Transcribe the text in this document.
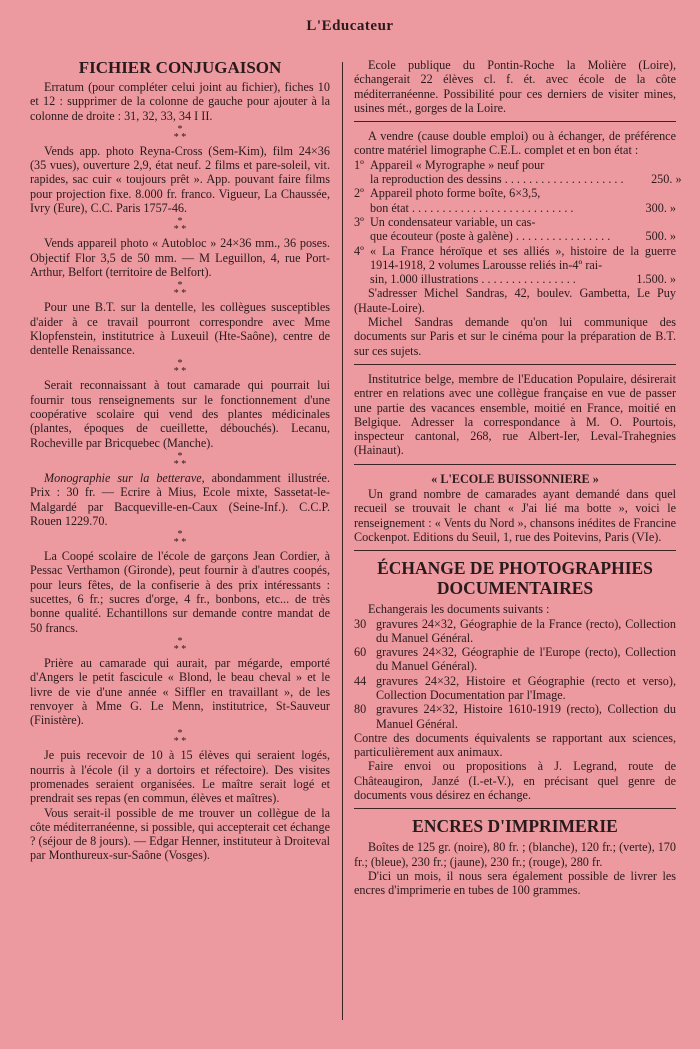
L'Educateur
FICHIER CONJUGAISON

Erratum (pour compléter celui joint au fichier), fiches 10 et 12 : supprimer de la colonne de gauche pour ajouter à la colonne de droite : 31, 32, 33, 34 I II.

*
* *

Vends app. photo Reyna-Cross (Sem-Kim), film 24×36 (35 vues), ouverture 2,9, état neuf. 2 films et pare-soleil, vit. rapides, sac cuir « toujours prêt ». App. pouvant faire films pour projection fixe. 8.000 fr. franco. Vigueur, La Chaussée, Ivry (Eure), C.C. Paris 1757-46.

*
* *

Vends appareil photo « Autobloc » 24×36 mm., 36 poses. Objectif Flor 3,5 de 50 mm. — M Leguillon, 4, rue Port-Arthur, Belfort (territoire de Belfort).

*
* *

Pour une B.T. sur la dentelle, les collègues susceptibles d'aider à ce travail pourront correspondre avec Mme Klopfenstein, institutrice à Luxeuil (Hte-Saône), centre de dentelle Renaissance.

*
* *

Serait reconnaissant à tout camarade qui pourrait lui fournir tous renseignements sur le fonctionnement d'une coopérative scolaire qui vend des plantes médicinales (plantes, époques de cueillette, débouchés). Lecanu, Rocheville par Bricquebec (Manche).

*
* *

Monographie sur la betterave, abondamment illustrée. Prix : 30 fr. — Ecrire à Mius, Ecole mixte, Sassetat-le-Malgardé par Bacqueville-en-Caux (Seine-Inf.). C.C.P. Rouen 1229.70.

*
* *

La Coopé scolaire de l'école de garçons Jean Cordier, à Pessac Verthamon (Gironde), peut fournir à d'autres coopés, pour leurs fêtes, de la confiserie à des prix intéressants : sucettes, 6 fr.; sucres d'orge, 4 fr., bonbons, etc... de très bonne qualité. Echantillons sur demande contre mandat de 50 francs.

*
* *

Prière au camarade qui aurait, par mégarde, emporté d'Angers le petit fascicule « Blond, le beau cheval » et le livre de vie d'une année « Siffler en travaillant », de les renvoyer à Mme G. Le Menn, institutrice, St-Sauveur (Finistère).

*
* *

Je puis recevoir de 10 à 15 élèves qui seraient logés, nourris à l'école (il y a dortoirs et réfectoire). Des visites promenades seraient organisées. Le maître serait logé et prendrait ses repas (en commun, élèves et maîtres).

Vous serait-il possible de me trouver un collègue de la côte méditerranéenne, si possible, qui accepterait cet échange ? (séjour de 8 jours). — Edgar Henner, instituteur à Droiteval par Monthureux-sur-Saône (Vosges).

Ecole publique du Pontin-Roche la Molière (Loire), échangerait 22 élèves cl. f. ét. avec école de la côte méditerranéenne. Possibilité pour ces derniers de visiter mines, usines mét., gorges de la Loire.

A vendre (cause double emploi) ou à échanger, de préférence contre matériel limographe C.E.L. complet et en bon état :

1º Appareil « Myrographe » neuf pour
la reproduction des dessins . . . . . . . . . . . . . . . . . . . .	250. »
2º Appareil photo forme boîte, 6×3,5,
bon état . . . . . . . . . . . . . . . . . . . . . . . . . . .	300. »
3º Un condensateur variable, un cas-
que écouteur (poste à galène) . . . . . . . . . . . . . . . .	500. »
4º « La France héroïque et ses alliés », histoire de la guerre 1914-1918, 2 volumes Larousse reliés in-4º rai-
sin, 1.000 illustrations . . . . . . . . . . . . . . . .	1.500. »

S'adresser Michel Sandras, 42, boulev. Gambetta, Le Puy (Haute-Loire).

Michel Sandras demande qu'on lui communique des documents sur Paris et sur le cinéma pour la préparation de B.T. sur ces sujets.

Institutrice belge, membre de l'Education Populaire, désirerait entrer en relations avec une collègue française en vue de passer une partie des vacances ensemble, moitié en France, moitié en Belgique. Adresser la correspondance à M. O. Pourtois, inspecteur cantonal, 268, rue Albert-Ier, Leval-Trahegnies (Hainaut).

« L'ECOLE BUISSONNIERE »

Un grand nombre de camarades ayant demandé dans quel recueil se trouvait le chant « J'ai lié ma botte », voici le renseignement : « Vents du Nord », chansons inédites de Francine Cockenpot. Editions du Seuil, 1, rue des Poitevins, Paris (VIe).

ÉCHANGE DE PHOTOGRAPHIES
DOCUMENTAIRES

Echangerais les documents suivants :

30 gravures 24×32, Géographie de la France (recto), Collection du Manuel Général.
60 gravures 24×32, Géographie de l'Europe (recto), Collection du Manuel Général).
44 gravures 24×32, Histoire et Géographie (recto et verso), Collection Documentation par l'Image.
80 gravures 24×32, Histoire 1610-1919 (recto), Collection du Manuel Général.

Contre des documents équivalents se rapportant aux sciences, particulièrement aux animaux.

Faire envoi ou propositions à J. Legrand, route de Châteaugiron, Janzé (I.-et-V.), en précisant quel genre de documents vous désirez en échange.

ENCRES D'IMPRIMERIE

Boîtes de 125 gr. (noire), 80 fr. ; (blanche), 120 fr.; (verte), 170 fr.; (bleue), 230 fr.; (jaune), 230 fr.; (rouge), 280 fr.

D'ici un mois, il nous sera également possible de livrer les encres d'imprimerie en tubes de 100 grammes.
